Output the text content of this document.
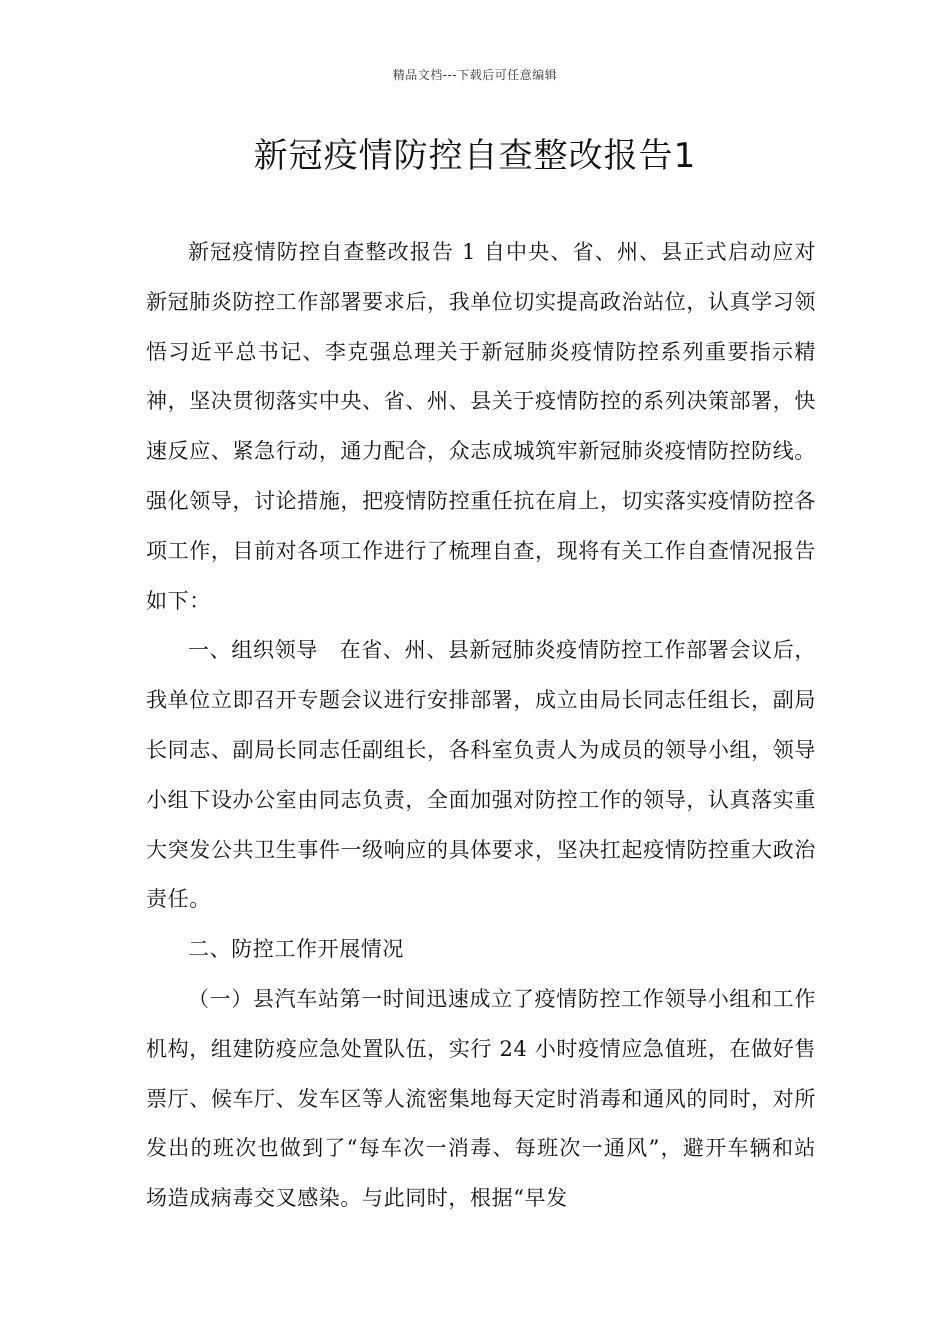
精品文档---下载后可任意编辑
新冠疫情防控自查整改报告1

新冠疫情防控自查整改报告 1 自中央、省、州、县正式启动应对新冠肺炎防控工作部署要求后，我单位切实提高政治站位，认真学习领悟习近平总书记、李克强总理关于新冠肺炎疫情防控系列重要指示精神，坚决贯彻落实中央、省、州、县关于疫情防控的系列决策部署，快速反应、紧急行动，通力配合，众志成城筑牢新冠肺炎疫情防控防线。强化领导，讨论措施，把疫情防控重任抗在肩上，切实落实疫情防控各项工作，目前对各项工作进行了梳理自查，现将有关工作自查情况报告如下：

一、组织领导　在省、州、县新冠肺炎疫情防控工作部署会议后，我单位立即召开专题会议进行安排部署，成立由局长同志任组长，副局长同志、副局长同志任副组长，各科室负责人为成员的领导小组，领导小组下设办公室由同志负责，全面加强对防控工作的领导，认真落实重大突发公共卫生事件一级响应的具体要求，坚决扛起疫情防控重大政治责任。

二、防控工作开展情况

（一）县汽车站第一时间迅速成立了疫情防控工作领导小组和工作机构，组建防疫应急处置队伍，实行 24 小时疫情应急值班，在做好售票厅、候车厅、发车区等人流密集地每天定时消毒和通风的同时，对所发出的班次也做到了“每车次一消毒、每班次一通风”，避开车辆和站场造成病毒交叉感染。与此同时，根据“早发
